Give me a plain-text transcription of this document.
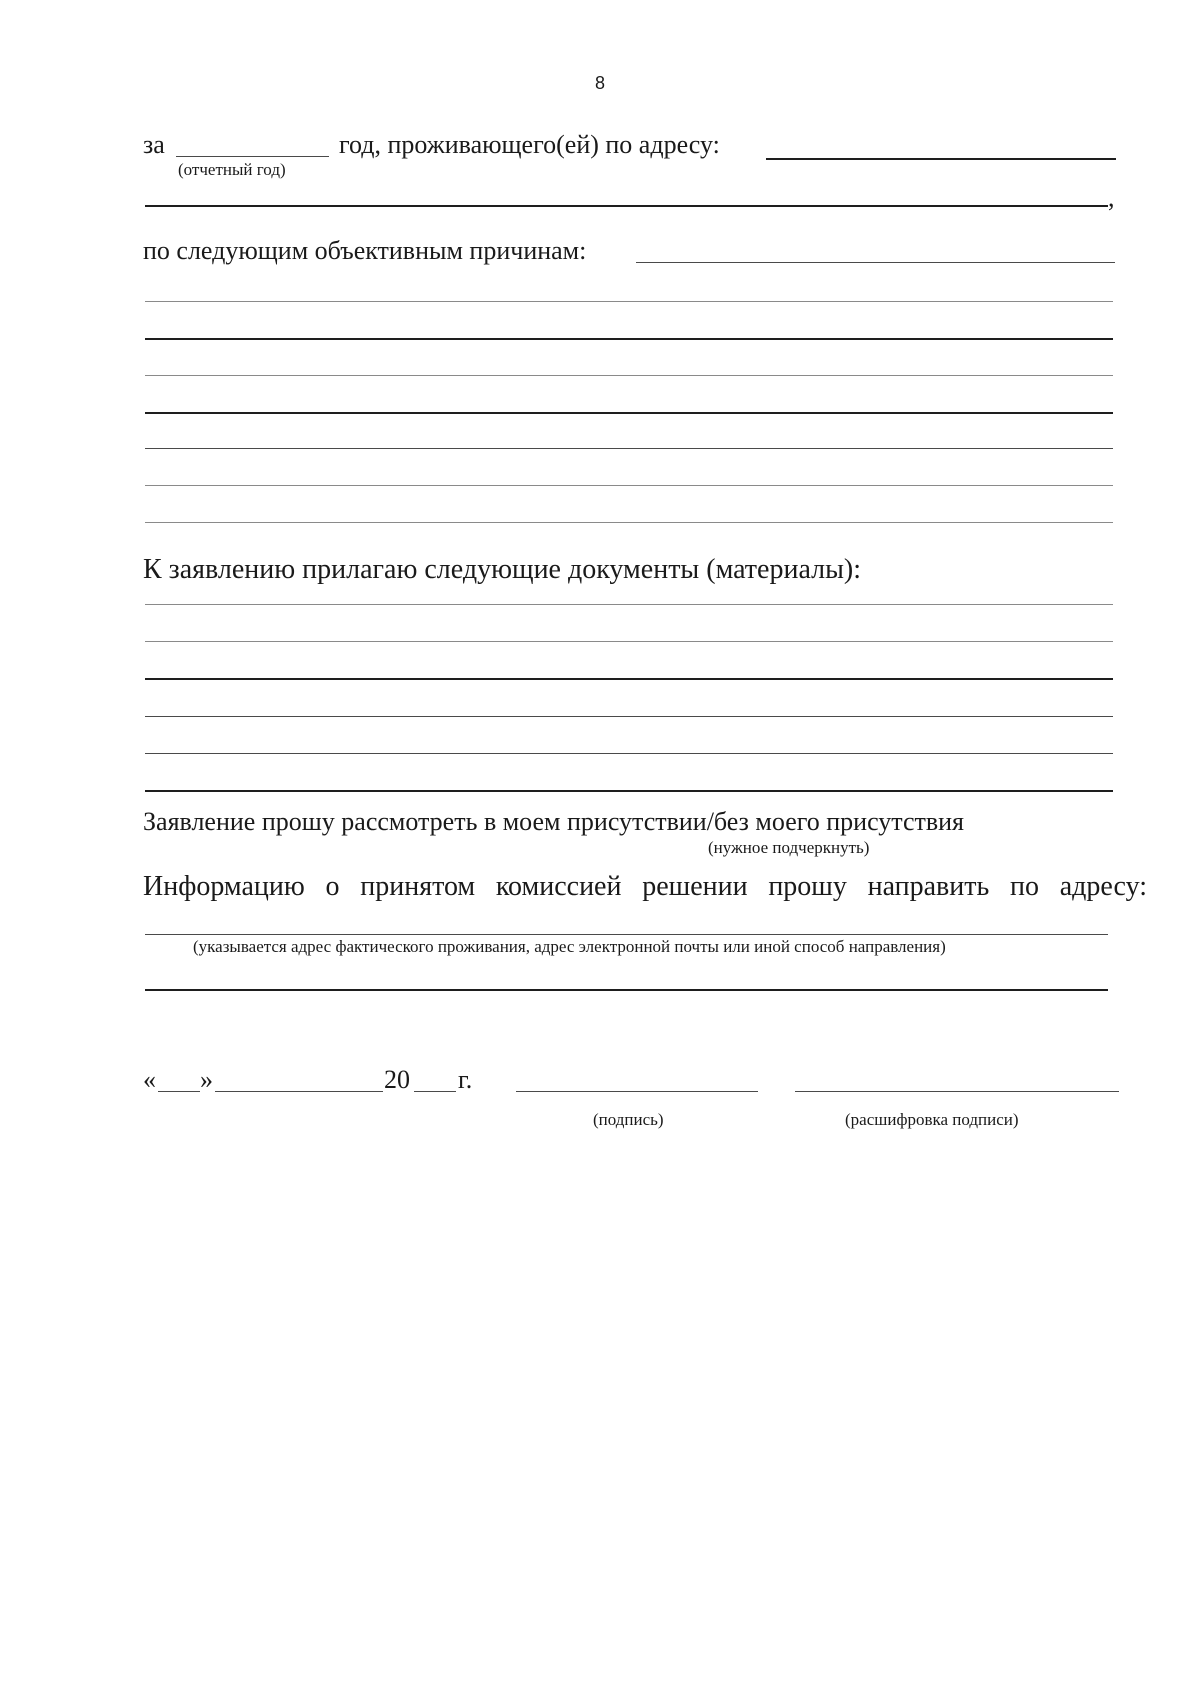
8
за	год, проживающего(ей) по адресу:
(отчетный год)
,
по следующим объективным причинам:
К заявлению прилагаю следующие документы (материалы):
Заявление прошу рассмотреть в моем присутствии/без моего присутствия
(нужное подчеркнуть)
Информацию о принятом комиссией решении прошу направить по адресу:
(указывается адрес фактического проживания, адрес электронной почты или иной способ направления)
« »	20 г.
(подпись)	(расшифровка подписи)
